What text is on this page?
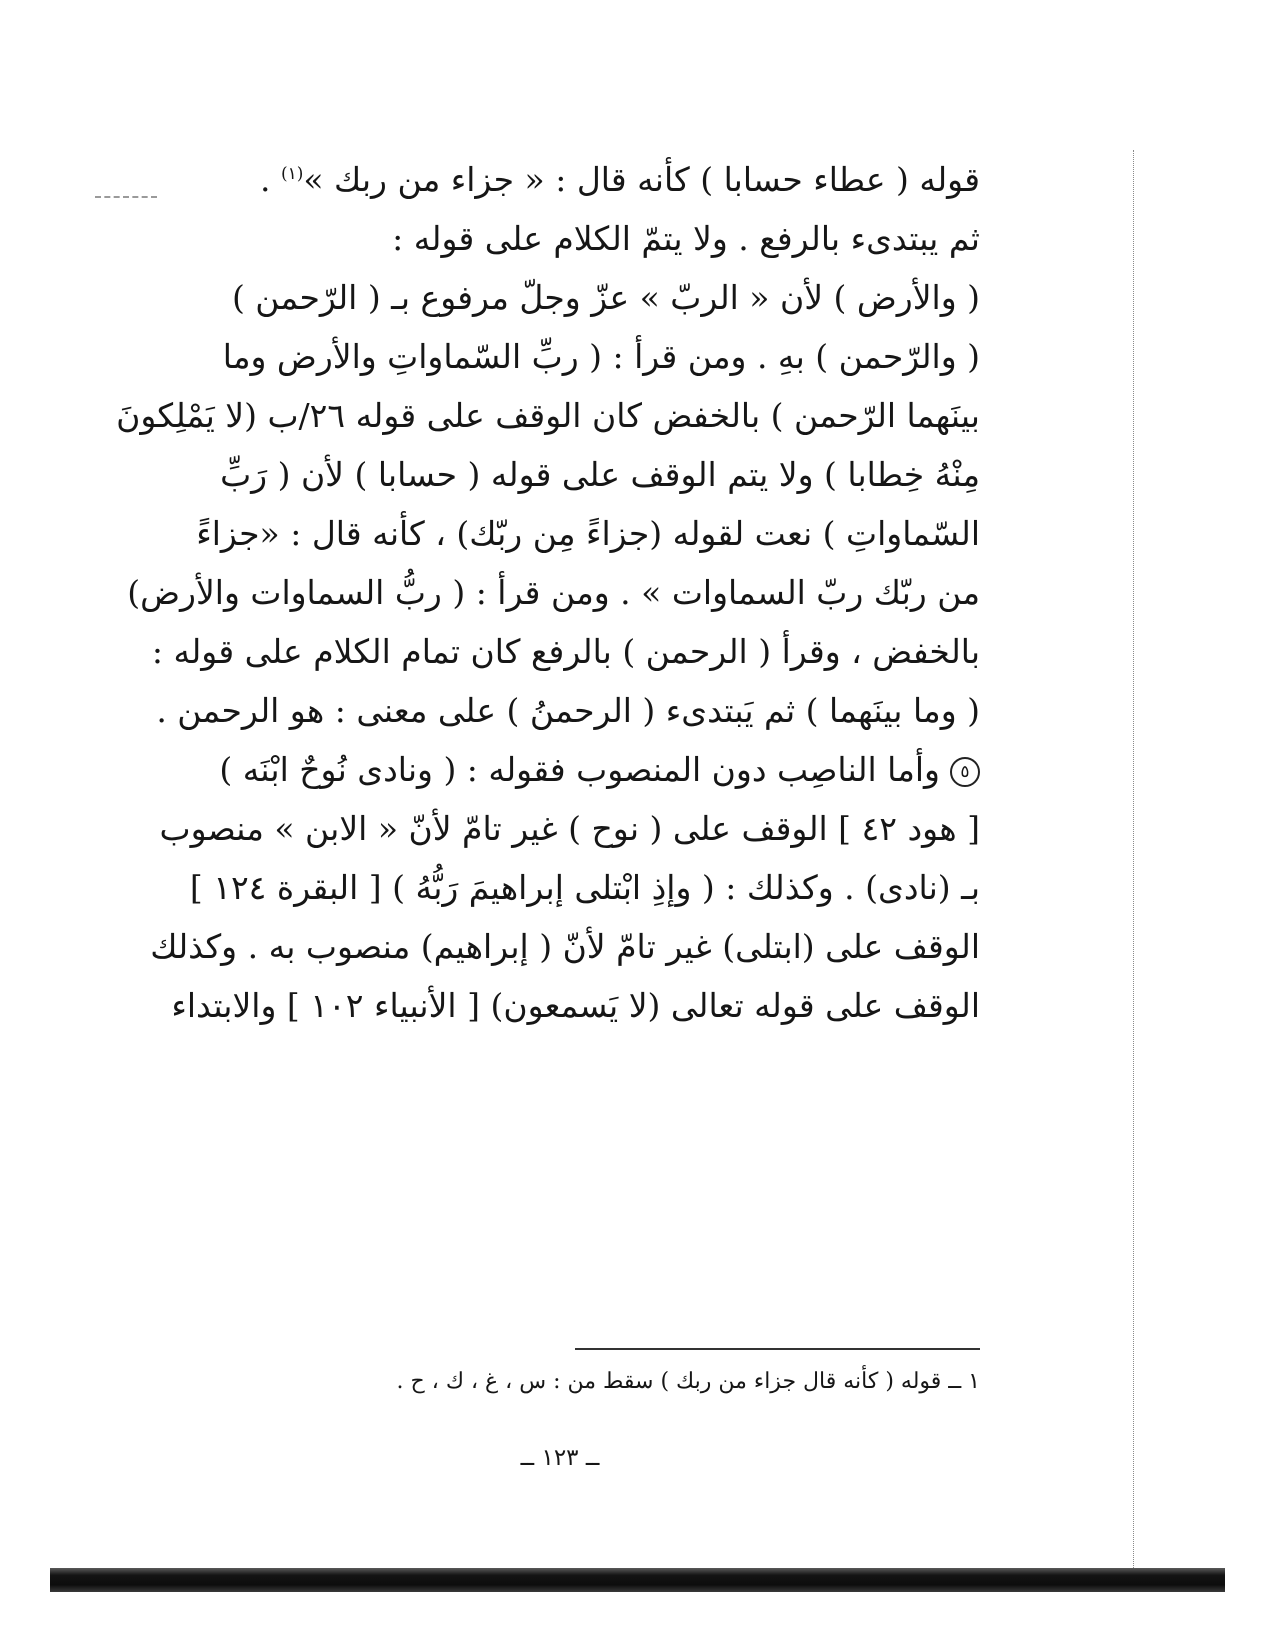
قوله ( عطاء حسابا ) كأنه قال : « جزاء من ربك »$^{(١)}$ .
ثم يبتدىء بالرفع . ولا يتمّ الكلام على قوله :
( والأرض ) لأن « الربّ » عزّ وجلّ مرفوع بـ ( الرّحمن )
( والرّحمن ) بهِ . ومن قرأ : ( ربِّ السّماواتِ والأرض وما
بينَهما الرّحمن ) بالخفض كان الوقف على قوله ٢٦/ب (لا يَمْلِكونَ
مِنْهُ خِطابا ) ولا يتم الوقف على قوله ( حسابا ) لأن ( رَبِّ
السّماواتِ ) نعت لقوله (جزاءً مِن ربّك) ، كأنه قال : «جزاءً
من ربّك ربّ السماوات » . ومن قرأ : ( ربُّ السماوات والأرض)
بالخفض ، وقرأ ( الرحمن ) بالرفع كان تمام الكلام على قوله :
( وما بينَهما ) ثم يَبتدىء ( الرحمنُ ) على معنى : هو الرحمن .
٥وأما الناصِب دون المنصوب فقوله : ( ونادى نُوحٌ ابْنَه )
[ هود ٤٢ ] الوقف على ( نوح ) غير تامّ لأنّ « الابن » منصوب
بـ (نادى) . وكذلك : ( وإذِ ابْتلى إبراهيمَ رَبُّهُ ) [ البقرة ١٢٤ ]
الوقف على (ابتلى) غير تامّ لأنّ ( إبراهيم) منصوب به . وكذلك
الوقف على قوله تعالى (لا يَسمعون) [ الأنبياء ١٠٢ ] والابتداء
١ ــ قوله ( كأنه قال جزاء من ربك ) سقط من : س ، غ ، ك ، ح .
ــ ١٢٣ ــ
